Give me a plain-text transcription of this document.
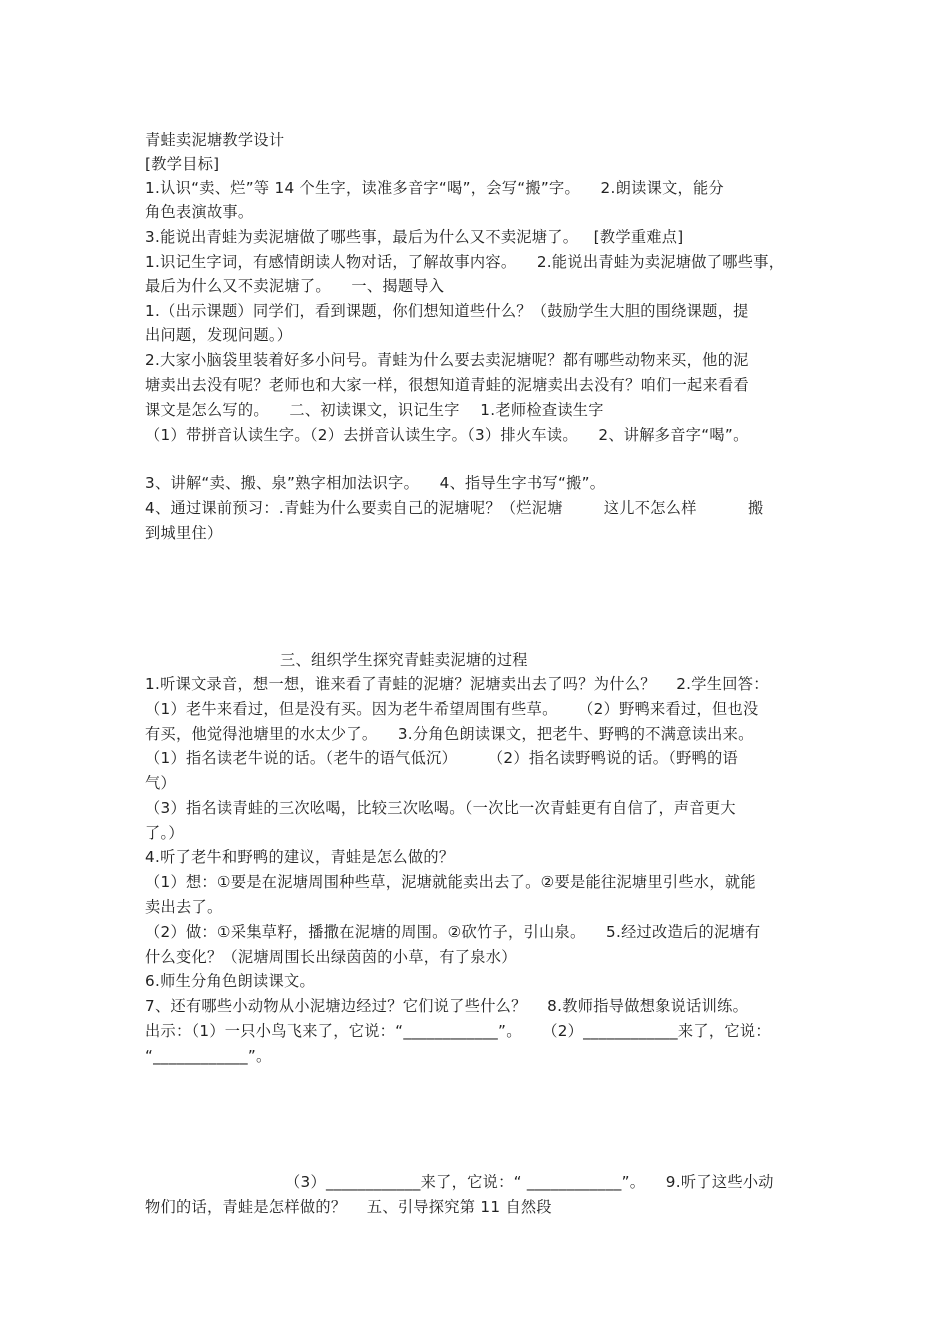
青蛙卖泥塘教学设计
[教学目标]
1.认识“卖、烂”等 14 个生字，读准多音字“喝”，会写“搬”字。    2.朗读课文，能分
角色表演故事。
3.能说出青蛙为卖泥塘做了哪些事，最后为什么又不卖泥塘了。   [教学重难点]
1.识记生字词，有感情朗读人物对话，了解故事内容。    2.能说出青蛙为卖泥塘做了哪些事，
最后为什么又不卖泥塘了。    一、揭题导入
1.（出示课题）同学们，看到课题，你们想知道些什么？（鼓励学生大胆的围绕课题，提
出问题，发现问题。）
2.大家小脑袋里装着好多小问号。青蛙为什么要去卖泥塘呢？都有哪些动物来买，他的泥
塘卖出去没有呢？老师也和大家一样，很想知道青蛙的泥塘卖出去没有？咱们一起来看看
课文是怎么写的。    二、初读课文，识记生字    1.老师检查读生字
（1）带拼音认读生字。（2）去拼音认读生字。（3）排火车读。    2、讲解多音字“喝”。
3、讲解“卖、搬、泉”熟字相加法识字。    4、指导生字书写“搬”。
4、通过课前预习：.青蛙为什么要卖自己的泥塘呢？（烂泥塘        这儿不怎么样          搬
到城里住）
三、组织学生探究青蛙卖泥塘的过程
1.听课文录音，想一想，谁来看了青蛙的泥塘？泥塘卖出去了吗？为什么？    2.学生回答：
（1）老牛来看过，但是没有买。因为老牛希望周围有些草。    （2）野鸭来看过，但也没
有买，他觉得池塘里的水太少了。    3.分角色朗读课文，把老牛、野鸭的不满意读出来。
（1）指名读老牛说的话。（老牛的语气低沉）      （2）指名读野鸭说的话。（野鸭的语
气）
（3）指名读青蛙的三次吆喝，比较三次吆喝。（一次比一次青蛙更有自信了，声音更大
了。）
4.听了老牛和野鸭的建议，青蛙是怎么做的？
（1）想：①要是在泥塘周围种些草，泥塘就能卖出去了。②要是能往泥塘里引些水，就能
卖出去了。
（2）做：①采集草籽，播撒在泥塘的周围。②砍竹子，引山泉。    5.经过改造后的泥塘有
什么变化？（泥塘周围长出绿茵茵的小草，有了泉水）
6.师生分角色朗读课文。
7、还有哪些小动物从小泥塘边经过？它们说了些什么？    8.教师指导做想象说话训练。
出示：（1）一只小鸟飞来了，它说：“____________”。    （2）____________来了，它说：
“____________”。
（3）____________来了，它说：“ ____________”。    9.听了这些小动
物们的话，青蛙是怎样做的？    五、引导探究第 11 自然段
